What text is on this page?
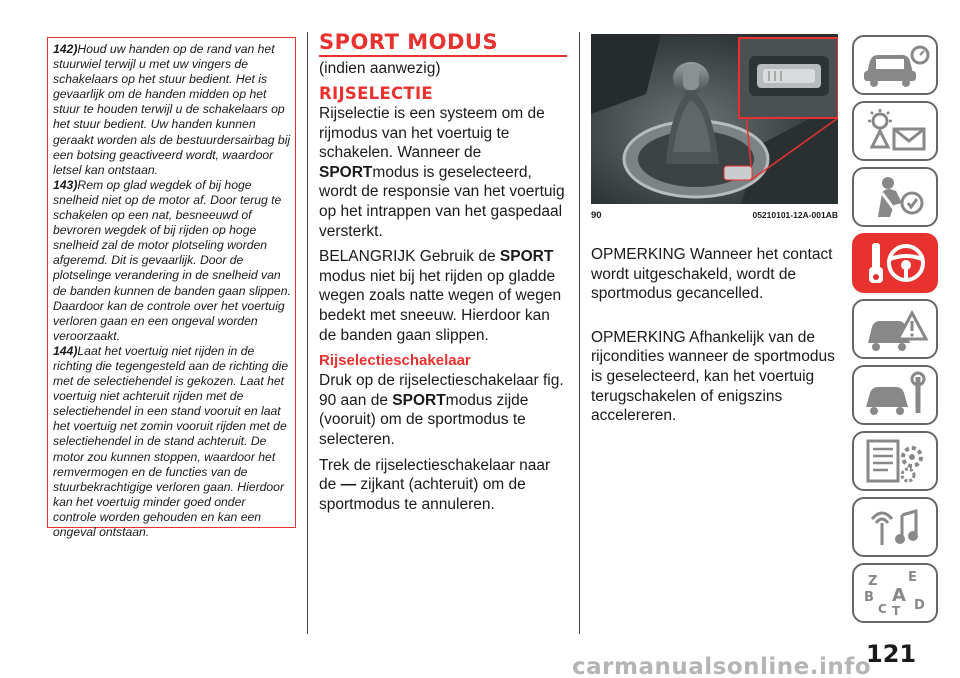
142)Houd uw handen op de rand van het stuurwiel terwijl u met uw vingers de schakelaars op het stuur bedient. Het is gevaarlijk om de handen midden op het stuur te houden terwijl u de schakelaars op het stuur bedient. Uw handen kunnen geraakt worden als de bestuurdersairbag bij een botsing geactiveerd wordt, waardoor letsel kan ontstaan.

143)Rem op glad wegdek of bij hoge snelheid niet op de motor af. Door terug te schakelen op een nat, besneeuwd of bevroren wegdek of bij rijden op hoge snelheid zal de motor plotseling worden afgeremd. Dit is gevaarlijk. Door de plotselinge verandering in de snelheid van de banden kunnen de banden gaan slippen. Daardoor kan de controle over het voertuig verloren gaan en een ongeval worden veroorzaakt.

144)Laat het voertuig niet rijden in de richting die tegengesteld aan de richting die met de selectiehendel is gekozen. Laat het voertuig niet achteruit rijden met de selectiehendel in een stand vooruit en laat het voertuig net zomin vooruit rijden met de selectiehendel in de stand achteruit. De motor zou kunnen stoppen, waardoor het remvermogen en de functies van de stuurbekrachtigige verloren gaan. Hierdoor kan het voertuig minder goed onder controle worden gehouden en kan een ongeval ontstaan.

SPORT MODUS
(indien aanwezig)
RIJSELECTIE

Rijselectie is een systeem om de rijmodus van het voertuig te schakelen. Wanneer de SPORTmodus is geselecteerd, wordt de responsie van het voertuig op het intrappen van het gaspedaal versterkt.

BELANGRIJK Gebruik de SPORT modus niet bij het rijden op gladde wegen zoals natte wegen of wegen bedekt met sneeuw. Hierdoor kan de banden gaan slippen.

Rijselectieschakelaar

Druk op de rijselectieschakelaar fig. 90 aan de SPORTmodus zijde (vooruit) om de sportmodus te selecteren.

Trek de rijselectieschakelaar naar de — zijkant (achteruit) om de sportmodus te annuleren.

90	05210101-12A-001AB

OPMERKING Wanneer het contact wordt uitgeschakeld, wordt de sportmodus gecancelled.

OPMERKING Afhankelijk van de rijcondities wanneer de sportmodus is geselecteerd, kan het voertuig terugschakelen of enigszins accelereren.

Z E
B A D
C T
121
carmanualsonline.info
